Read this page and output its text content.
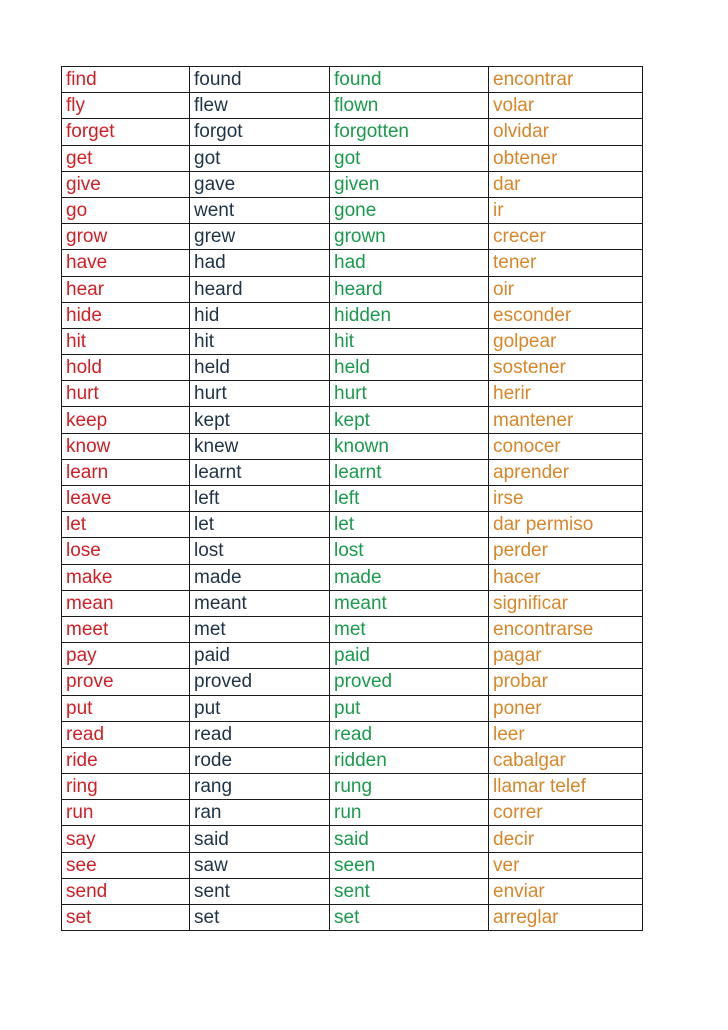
find	found	found	encontrar
fly	flew	flown	volar
forget	forgot	forgotten	olvidar
get	got	got	obtener
give	gave	given	dar
go	went	gone	ir
grow	grew	grown	crecer
have	had	had	tener
hear	heard	heard	oir
hide	hid	hidden	esconder
hit	hit	hit	golpear
hold	held	held	sostener
hurt	hurt	hurt	herir
keep	kept	kept	mantener
know	knew	known	conocer
learn	learnt	learnt	aprender
leave	left	left	irse
let	let	let	dar permiso
lose	lost	lost	perder
make	made	made	hacer
mean	meant	meant	significar
meet	met	met	encontrarse
pay	paid	paid	pagar
prove	proved	proved	probar
put	put	put	poner
read	read	read	leer
ride	rode	ridden	cabalgar
ring	rang	rung	llamar telef
run	ran	run	correr
say	said	said	decir
see	saw	seen	ver
send	sent	sent	enviar
set	set	set	arreglar
